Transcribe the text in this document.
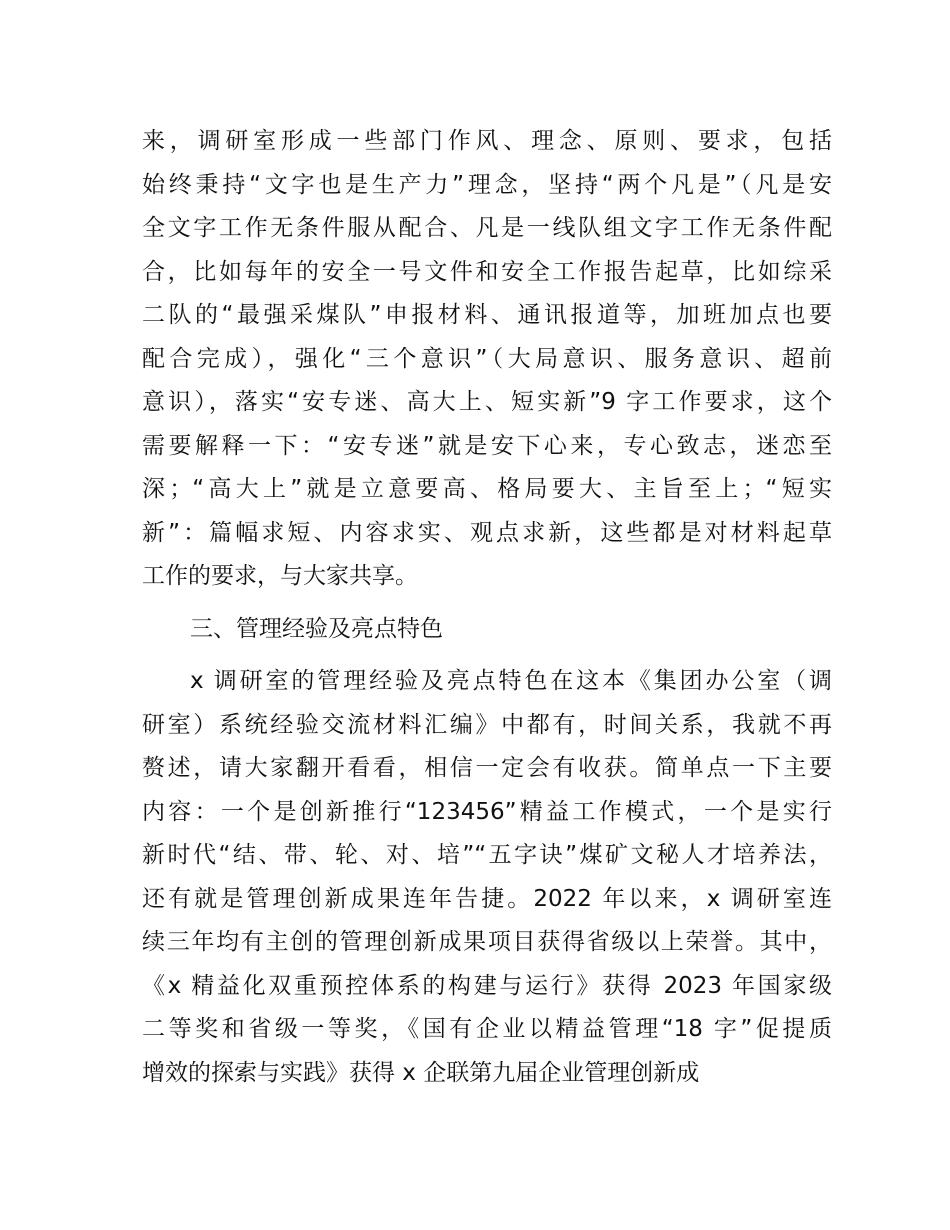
来，调研室形成一些部门作风、理念、原则、要求，包括
始终秉持“文字也是生产力”理念，坚持“两个凡是”（凡是安
全文字工作无条件服从配合、凡是一线队组文字工作无条件配
合，比如每年的安全一号文件和安全工作报告起草，比如综采
二队的“最强采煤队”申报材料、通讯报道等，加班加点也要
配合完成），强化“三个意识”（大局意识、服务意识、超前
意识），落实“安专迷、高大上、短实新”9 字工作要求，这个
需要解释一下：“安专迷”就是安下心来，专心致志，迷恋至
深；“高大上”就是立意要高、格局要大、主旨至上；“短实
新”：篇幅求短、内容求实、观点求新，这些都是对材料起草
工作的要求，与大家共享。
三、管理经验及亮点特色
x 调研室的管理经验及亮点特色在这本《集团办公室（调
研室）系统经验交流材料汇编》中都有，时间关系，我就不再
赘述，请大家翻开看看，相信一定会有收获。简单点一下主要
内容：一个是创新推行“123456”精益工作模式，一个是实行
新时代“结、带、轮、对、培”“五字诀”煤矿文秘人才培养法，
还有就是管理创新成果连年告捷。2022 年以来，x 调研室连
续三年均有主创的管理创新成果项目获得省级以上荣誉。其中，
《x 精益化双重预控体系的构建与运行》获得 2023 年国家级
二等奖和省级一等奖，《国有企业以精益管理“18 字”促提质
增效的探索与实践》获得 x 企联第九届企业管理创新成
